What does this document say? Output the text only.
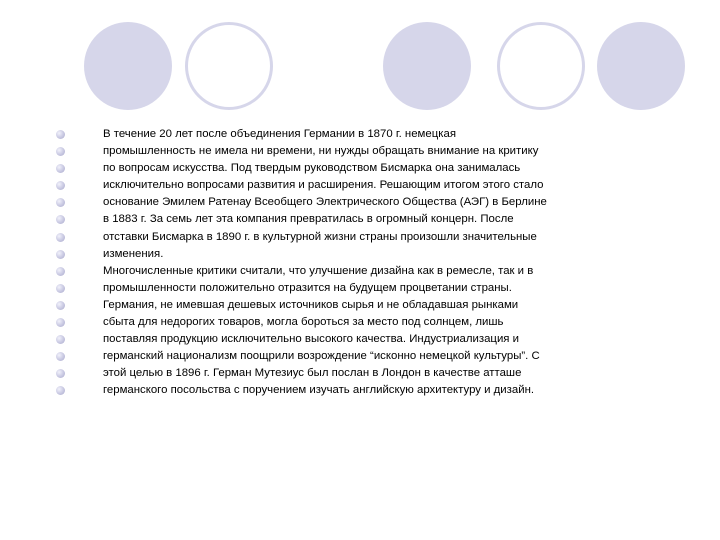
В течение 20 лет после объединения Германии в 1870 г. немецкая
промышленность не имела ни времени, ни нужды обращать внимание на критику
по вопросам искусства. Под твердым руководством Бисмарка она занималась
исключительно вопросами развития и расширения. Решающим итогом этого стало
основание Эмилем Ратенау Всеобщего Электрического Общества (АЭГ) в Берлине
в 1883 г. За семь лет эта компания превратилась в огромный концерн. После
отставки Бисмарка в 1890 г. в культурной жизни страны произошли значительные
изменения.
Многочисленные критики считали, что улучшение дизайна как в ремесле, так и в
промышленности положительно отразится на будущем процветании страны.
Германия, не имевшая дешевых источников сырья и не обладавшая рынками
сбыта для недорогих товаров, могла бороться за место под солнцем, лишь
поставляя продукцию исключительно высокого качества. Индустриализация и
германский национализм поощрили возрождение “исконно немецкой культуры”. С
этой целью в 1896 г. Герман Мутезиус был послан в Лондон в качестве атташе
германского посольства с поручением изучать английскую архитектуру и дизайн.
